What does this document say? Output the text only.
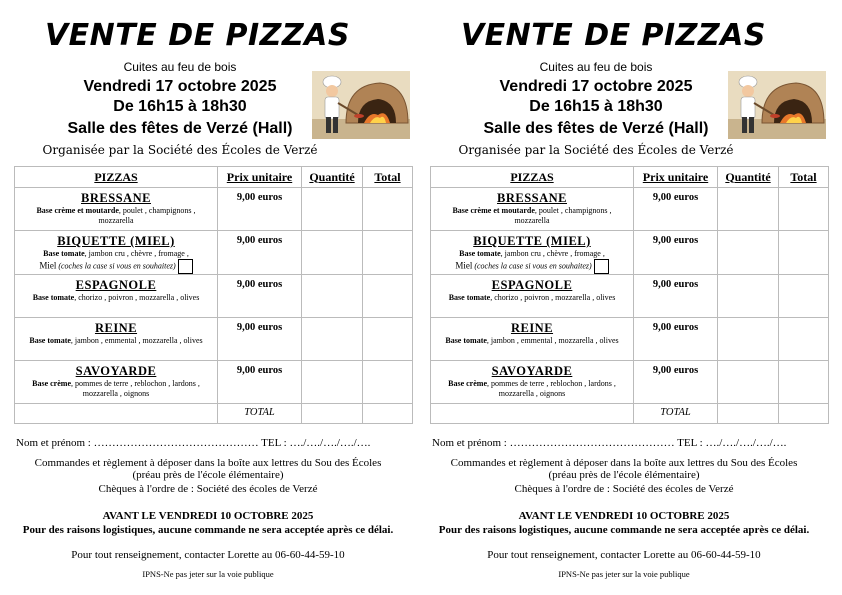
VENTE DE PIZZAS
Cuites au feu de bois
Vendredi 17 octobre 2025
De 16h15 à 18h30
Salle des fêtes de Verzé (Hall)
Organisée par la Société des Écoles de Verzé
PIZZAS	Prix unitaire	Quantité	Total

BRESSANE
Base crème et moutarde, poulet , champignons , mozzarella	9,00 euros		

BIQUETTE (MIEL)
Base tomate, jambon cru , chèvre , fromage ,
Miel (coches la case si vous en souhaitez)	9,00 euros		

ESPAGNOLE
Base tomate, chorizo , poivron , mozzarella , olives	9,00 euros		

REINE
Base tomate, jambon , emmental , mozzarella , olives	9,00 euros		

SAVOYARDE
Base crème, pommes de terre , reblochon , lardons , mozzarella , oignons	9,00 euros		

	TOTAL		

Nom et prénom : ……………………………………… TEL : …./…./…./…./….
Commandes et règlement à déposer dans la boîte aux lettres du Sou des Écoles
(préau près de l'école élémentaire)
Chèques à l'ordre de : Société des écoles de Verzé
AVANT LE VENDREDI 10 OCTOBRE 2025
Pour des raisons logistiques, aucune commande ne sera acceptée après ce délai.
Pour tout renseignement, contacter Lorette au 06-60-44-59-10
IPNS-Ne pas jeter sur la voie publique
VENTE DE PIZZAS
Cuites au feu de bois
Vendredi 17 octobre 2025
De 16h15 à 18h30
Salle des fêtes de Verzé (Hall)
Organisée par la Société des Écoles de Verzé
PIZZAS	Prix unitaire	Quantité	Total

BRESSANE
Base crème et moutarde, poulet , champignons , mozzarella	9,00 euros		

BIQUETTE (MIEL)
Base tomate, jambon cru , chèvre , fromage ,
Miel (coches la case si vous en souhaitez)	9,00 euros		

ESPAGNOLE
Base tomate, chorizo , poivron , mozzarella , olives	9,00 euros		

REINE
Base tomate, jambon , emmental , mozzarella , olives	9,00 euros		

SAVOYARDE
Base crème, pommes de terre , reblochon , lardons , mozzarella , oignons	9,00 euros		

	TOTAL		

Nom et prénom : ……………………………………… TEL : …./…./…./…./….
Commandes et règlement à déposer dans la boîte aux lettres du Sou des Écoles
(préau près de l'école élémentaire)
Chèques à l'ordre de : Société des écoles de Verzé
AVANT LE VENDREDI 10 OCTOBRE 2025
Pour des raisons logistiques, aucune commande ne sera acceptée après ce délai.
Pour tout renseignement, contacter Lorette au 06-60-44-59-10
IPNS-Ne pas jeter sur la voie publique
